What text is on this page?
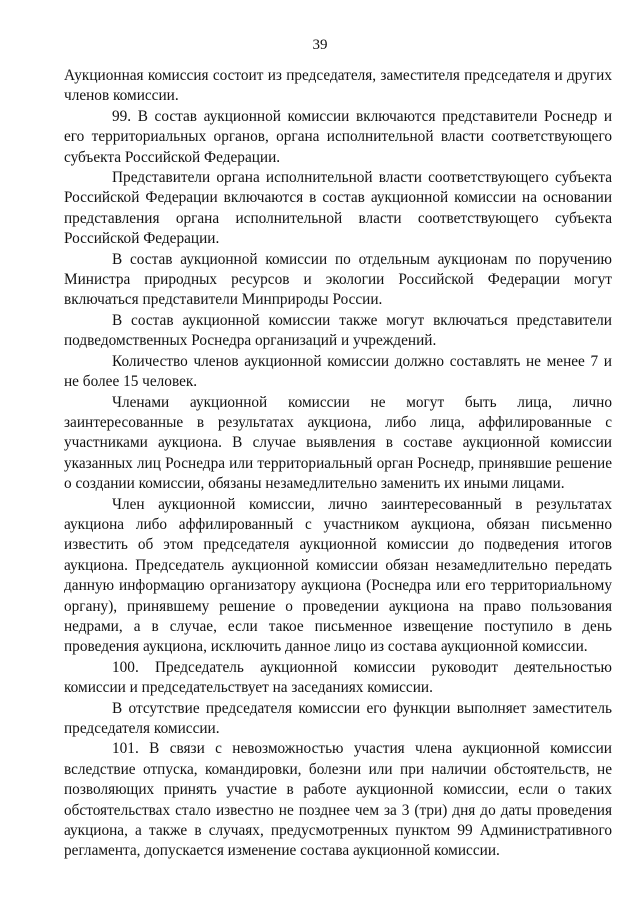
39

Аукционная комиссия состоит из председателя, заместителя председателя и других членов комиссии.

99. В состав аукционной комиссии включаются представители Роснедр и его территориальных органов, органа исполнительной власти соответствующего субъекта Российской Федерации.

Представители органа исполнительной власти соответствующего субъекта Российской Федерации включаются в состав аукционной комиссии на основании представления органа исполнительной власти соответствующего субъекта Российской Федерации.

В состав аукционной комиссии по отдельным аукционам по поручению Министра природных ресурсов и экологии Российской Федерации могут включаться представители Минприроды России.

В состав аукционной комиссии также могут включаться представители подведомственных Роснедра организаций и учреждений.

Количество членов аукционной комиссии должно составлять не менее 7 и не более 15 человек.

Членами аукционной комиссии не могут быть лица, лично заинтересованные в результатах аукциона, либо лица, аффилированные с участниками аукциона. В случае выявления в составе аукционной комиссии указанных лиц Роснедра или территориальный орган Роснедр, принявшие решение о создании комиссии, обязаны незамедлительно заменить их иными лицами.

Член аукционной комиссии, лично заинтересованный в результатах аукциона либо аффилированный с участником аукциона, обязан письменно известить об этом председателя аукционной комиссии до подведения итогов аукциона. Председатель аукционной комиссии обязан незамедлительно передать данную информацию организатору аукциона (Роснедра или его территориальному органу), принявшему решение о проведении аукциона на право пользования недрами, а в случае, если такое письменное извещение поступило в день проведения аукциона, исключить данное лицо из состава аукционной комиссии.

100. Председатель аукционной комиссии руководит деятельностью комиссии и председательствует на заседаниях комиссии.

В отсутствие председателя комиссии его функции выполняет заместитель председателя комиссии.

101. В связи с невозможностью участия члена аукционной комиссии вследствие отпуска, командировки, болезни или при наличии обстоятельств, не позволяющих принять участие в работе аукционной комиссии, если о таких обстоятельствах стало известно не позднее чем за 3 (три) дня до даты проведения аукциона, а также в случаях, предусмотренных пунктом 99 Административного регламента, допускается изменение состава аукционной комиссии.
